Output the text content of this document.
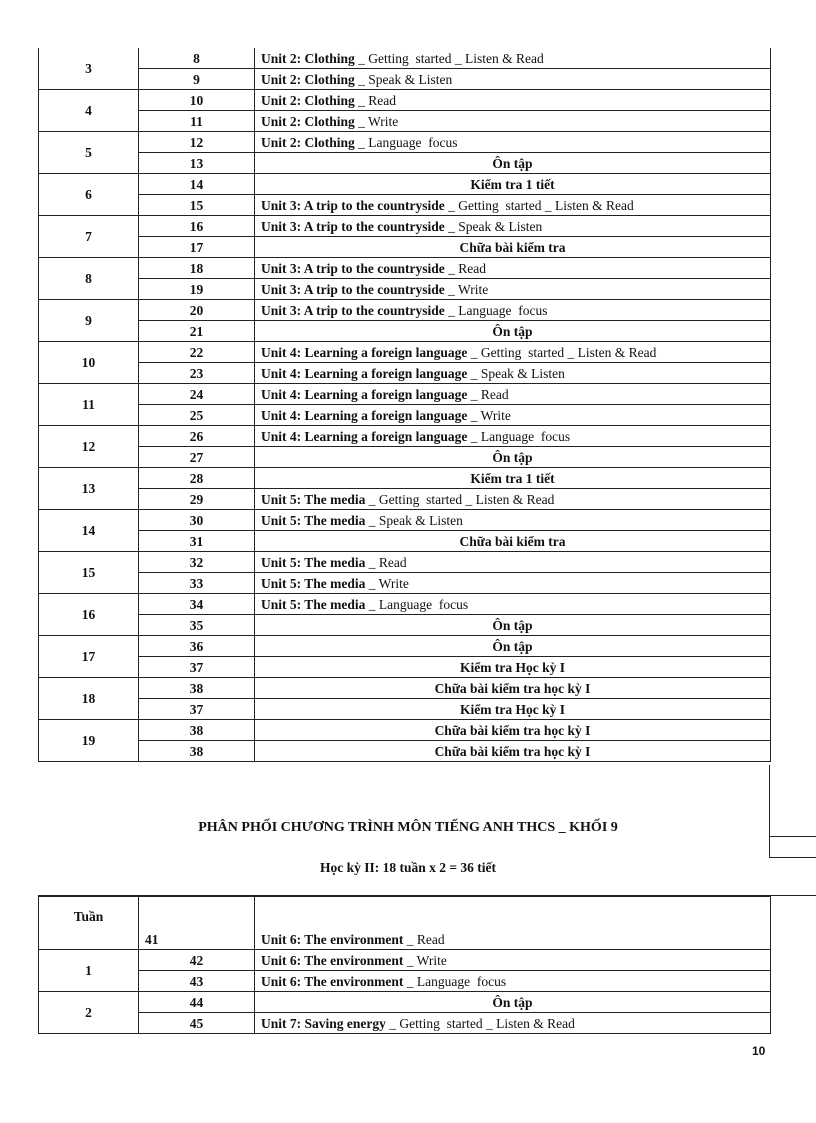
3	8	Unit 2: Clothing _ Getting  started _ Listen & Read
	9	Unit 2: Clothing _ Speak & Listen
4	10	Unit 2: Clothing _ Read
	11	Unit 2: Clothing _ Write
5	12	Unit 2: Clothing _ Language  focus
	13	Ôn tập
6	14	Kiểm tra 1 tiết
	15	Unit 3: A trip to the countryside _ Getting  started _ Listen & Read
7	16	Unit 3: A trip to the countryside _ Speak & Listen
	17	Chữa bài kiểm tra
8	18	Unit 3: A trip to the countryside _ Read
	19	Unit 3: A trip to the countryside _ Write
9	20	Unit 3: A trip to the countryside _ Language  focus
	21	Ôn tập
10	22	Unit 4: Learning a foreign language _ Getting  started _ Listen & Read
	23	Unit 4: Learning a foreign language _ Speak & Listen
11	24	Unit 4: Learning a foreign language _ Read
	25	Unit 4: Learning a foreign language _ Write
12	26	Unit 4: Learning a foreign language _ Language  focus
	27	Ôn tập
13	28	Kiểm tra 1 tiết
	29	Unit 5: The media _ Getting  started _ Listen & Read
14	30	Unit 5: The media _ Speak & Listen
	31	Chữa bài kiểm tra
15	32	Unit 5: The media _ Read
	33	Unit 5: The media _ Write
16	34	Unit 5: The media _ Language  focus
	35	Ôn tập
17	36	Ôn tập
	37	Kiểm tra Học kỳ I
18	38	Chữa bài kiểm tra học kỳ I
	37	Kiểm tra Học kỳ I
19	38	Chữa bài kiểm tra học kỳ I
	38	Chữa bài kiểm tra học kỳ I
PHÂN PHỐI CHƯƠNG TRÌNH MÔN TIẾNG ANH THCS _ KHỐI 9
Học kỳ II: 18 tuần x 2 = 36 tiết
Tuần	41	Unit 6: The environment _ Read
1	42	Unit 6: The environment _ Write
	43	Unit 6: The environment _ Language  focus
2	44	Ôn tập
	45	Unit 7: Saving energy _ Getting  started _ Listen & Read
10
